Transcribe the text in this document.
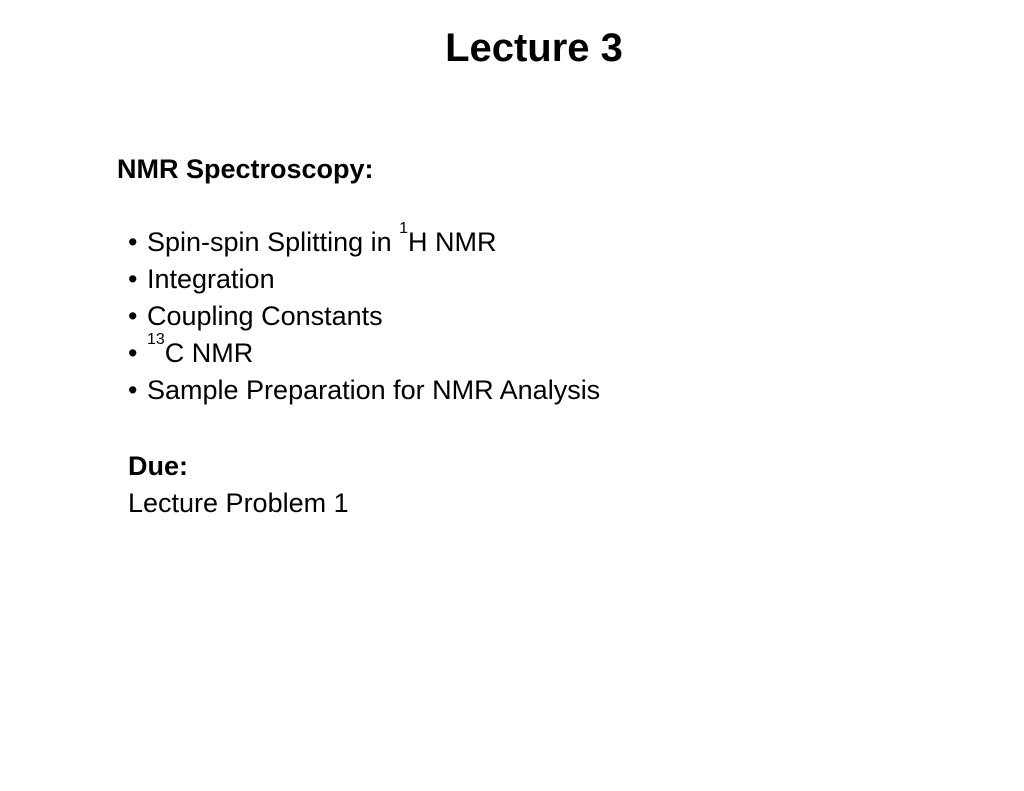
Lecture 3
NMR Spectroscopy:
• Spin-spin Splitting in $^1$H NMR
• Integration
• Coupling Constants
• $^{13}$C NMR
• Sample Preparation for NMR Analysis
Due:
Lecture Problem 1
